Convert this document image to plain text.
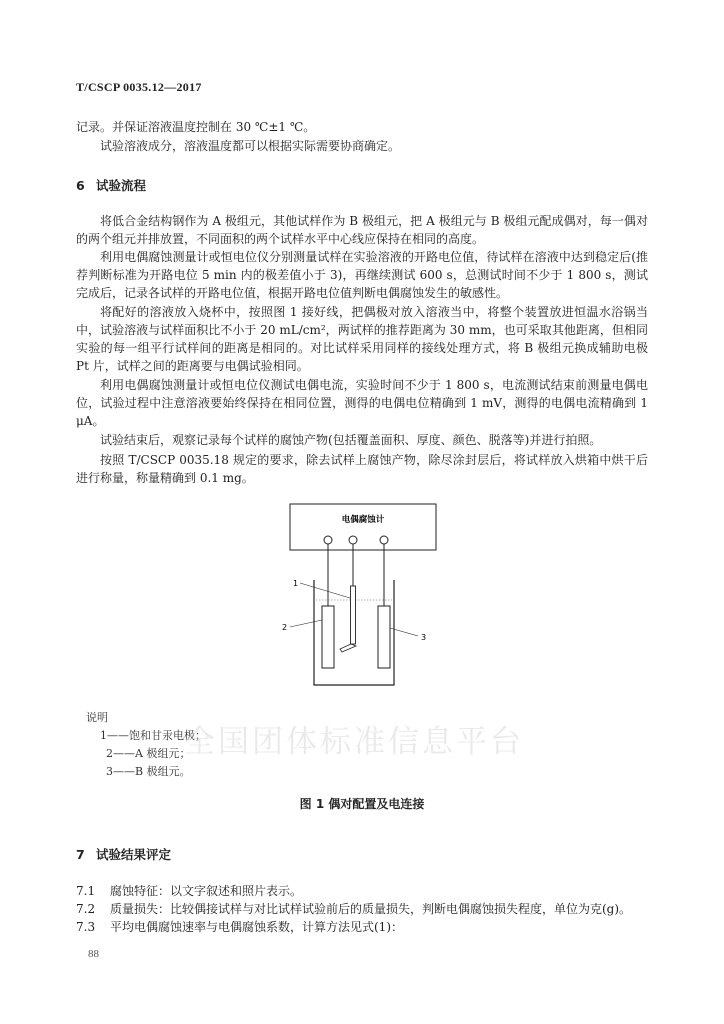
T/CSCP 0035.12—2017
记录。并保证溶液温度控制在 30 ℃±1 ℃。
试验溶液成分，溶液温度都可以根据实际需要协商确定。
6 试验流程
将低合金结构钢作为 A 极组元，其他试样作为 B 极组元，把 A 极组元与 B 极组元配成偶对，每一偶对的两个组元并排放置，不同面积的两个试样水平中心线应保持在相同的高度。
利用电偶腐蚀测量计或恒电位仪分别测量试样在实验溶液的开路电位值，待试样在溶液中达到稳定后(推荐判断标准为开路电位 5 min 内的极差值小于 3)，再继续测试 600 s，总测试时间不少于 1 800 s，测试完成后，记录各试样的开路电位值，根据开路电位值判断电偶腐蚀发生的敏感性。
将配好的溶液放入烧杯中，按照图 1 接好线，把偶极对放入溶液当中，将整个装置放进恒温水浴锅当中，试验溶液与试样面积比不小于 20 mL/cm²，两试样的推荐距离为 30 mm，也可采取其他距离，但相同实验的每一组平行试样间的距离是相同的。对比试样采用同样的接线处理方式，将 B 极组元换成辅助电极 Pt 片，试样之间的距离要与电偶试验相同。
利用电偶腐蚀测量计或恒电位仪测试电偶电流，实验时间不少于 1 800 s，电流测试结束前测量电偶电位，试验过程中注意溶液要始终保持在相同位置，测得的电偶电位精确到 1 mV，测得的电偶电流精确到 1 μA。
试验结束后，观察记录每个试样的腐蚀产物(包括覆盖面积、厚度、颜色、脱落等)并进行拍照。
按照 T/CSCP 0035.18 规定的要求，除去试样上腐蚀产物，除尽涂封层后，将试样放入烘箱中烘干后进行称量，称量精确到 0.1 mg。
电偶腐蚀计
1
2
3
说明
1——饱和甘汞电极；
2——A 极组元；
3——B 极组元。
全国团体标准信息平台
图 1 偶对配置及电连接
7 试验结果评定
7.1 腐蚀特征：以文字叙述和照片表示。
7.2 质量损失：比较偶接试样与对比试样试验前后的质量损失，判断电偶腐蚀损失程度，单位为克(g)。
7.3 平均电偶腐蚀速率与电偶腐蚀系数，计算方法见式(1)：
88
